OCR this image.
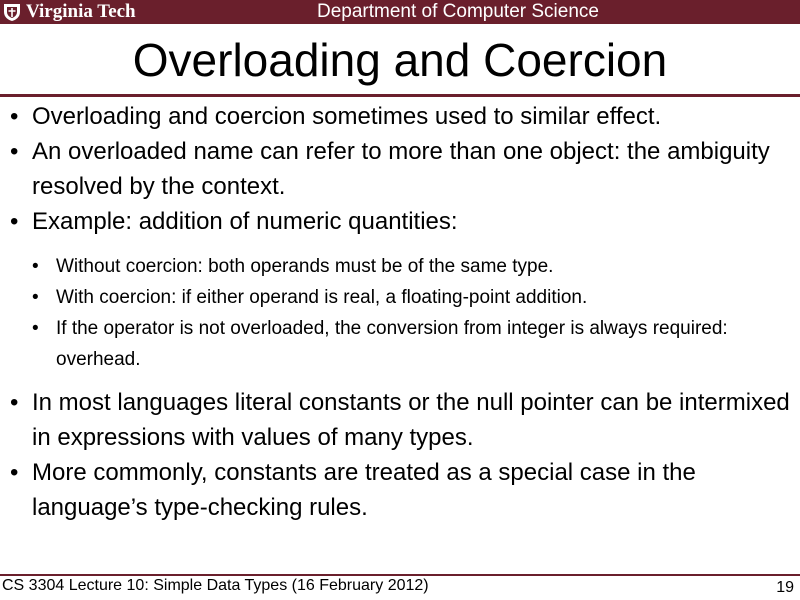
Virginia Tech	Department of Computer Science
Overloading and Coercion
• Overloading and coercion sometimes used to similar effect.
• An overloaded name can refer to more than one object: the ambiguity resolved by the context.
• Example: addition of numeric quantities:
• Without coercion: both operands must be of the same type.
• With coercion: if either operand is real, a floating-point addition.
• If the operator is not overloaded, the conversion from integer is always required: overhead.
• In most languages literal constants or the null pointer can be intermixed in expressions with values of many types.
• More commonly, constants are treated as a special case in the language’s type-checking rules.
CS 3304 Lecture 10: Simple Data Types (16 February 2012)	19
